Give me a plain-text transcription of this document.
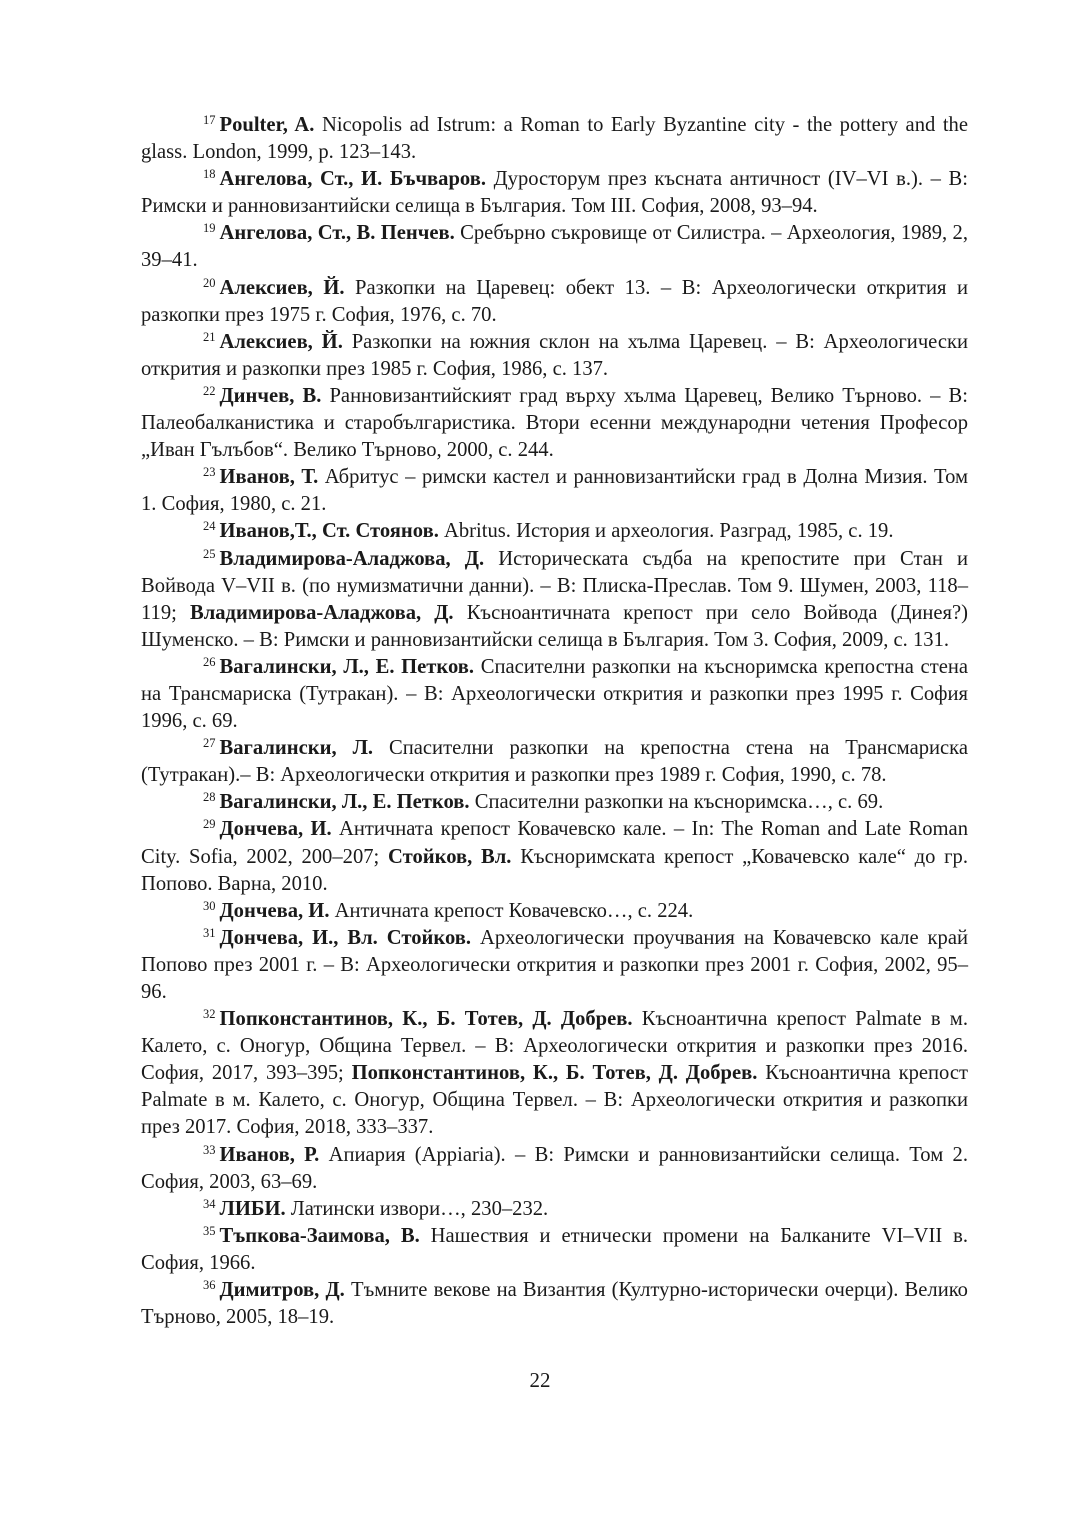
$^{17}$ Poulter, A. Nicopolis ad Istrum: a Roman to Early Byzantine city - the pottery and the glass. London, 1999, p. 123–143.

$^{18}$ Ангелова, Ст., И. Бъчваров. Дуросторум през късната античност (IV–VI в.). – В: Римски и ранновизантийски селища в България. Том III. София, 2008, 93–94.

$^{19}$ Ангелова, Ст., В. Пенчев. Сребърно съкровище от Силистра. – Археология, 1989, 2, 39–41.

$^{20}$ Алексиев, Й. Разкопки на Царевец: обект 13. – В: Археологически открития и разкопки през 1975 г. София, 1976, с. 70.

$^{21}$ Алексиев, Й. Разкопки на южния склон на хълма Царевец. – В: Археологически открития и разкопки през 1985 г. София, 1986, с. 137.

$^{22}$ Динчев, В. Ранновизантийският град върху хълма Царевец, Велико Търново. – В: Палеобалканистика и старобългаристика. Втори есенни международни четения Професор „Иван Гълъбов“. Велико Търново, 2000, с. 244.

$^{23}$ Иванов, Т. Абритус – римски кастел и ранновизантийски град в Долна Мизия. Том 1. София, 1980, с. 21.

$^{24}$ Иванов,Т., Ст. Стоянов. Abritus. История и археология. Разград, 1985, с. 19.

$^{25}$ Владимирова-Аладжова, Д. Историческата съдба на крепостите при Стан и Войвода V–VII в. (по нумизматични данни). – В: Плиска-Преслав. Том 9. Шумен, 2003, 118–119; Владимирова-Аладжова, Д. Късноантичната крепост при село Войвода (Динея?) Шуменско. – В: Римски и ранновизантийски селища в България. Том 3. София, 2009, с. 131.

$^{26}$ Вагалински, Л., Е. Петков. Спасителни разкопки на късноримска крепостна стена на Трансмариска (Тутракан). – В: Археологически открития и разкопки през 1995 г. София 1996, с. 69.

$^{27}$ Вагалински, Л. Спасителни разкопки на крепостна стена на Трансмариска (Тутракан).– В: Археологически открития и разкопки през 1989 г. София, 1990, с. 78.

$^{28}$ Вагалински, Л., Е. Петков. Спасителни разкопки на късноримска…, с. 69.

$^{29}$ Дончева, И. Античната крепост Ковачевско кале. – In: The Roman and Late Roman City. Sofia, 2002, 200–207; Стойков, Вл. Късноримската крепост „Ковачевско кале“ до гр. Попово. Варна, 2010.

$^{30}$ Дончева, И. Античната крепост Ковачевско…, с. 224.

$^{31}$ Дончева, И., Вл. Стойков. Археологически проучвания на Ковачевско кале край Попово през 2001 г. – В: Археологически открития и разкопки през 2001 г. София, 2002, 95–96.

$^{32}$ Попконстантинов, К., Б. Тотев, Д. Добрев. Късноантична крепост Palmate в м. Калето, с. Оногур, Община Тервел. – В: Археологически открития и разкопки през 2016. София, 2017, 393–395; Попконстантинов, К., Б. Тотев, Д. Добрев. Късноантична крепост Palmate в м. Калето, с. Оногур, Община Тервел. – В: Археологически открития и разкопки през 2017. София, 2018, 333–337.

$^{33}$ Иванов, Р. Апиария (Appiaria). – В: Римски и ранновизантийски селища. Том 2. София, 2003, 63–69.

$^{34}$ ЛИБИ. Латински извори…, 230–232.

$^{35}$ Тъпкова-Заимова, В. Нашествия и етнически промени на Балканите VI–VII в. София, 1966.

$^{36}$ Димитров, Д. Тъмните векове на Византия (Културно-исторически очерци). Велико Търново, 2005, 18–19.

22
